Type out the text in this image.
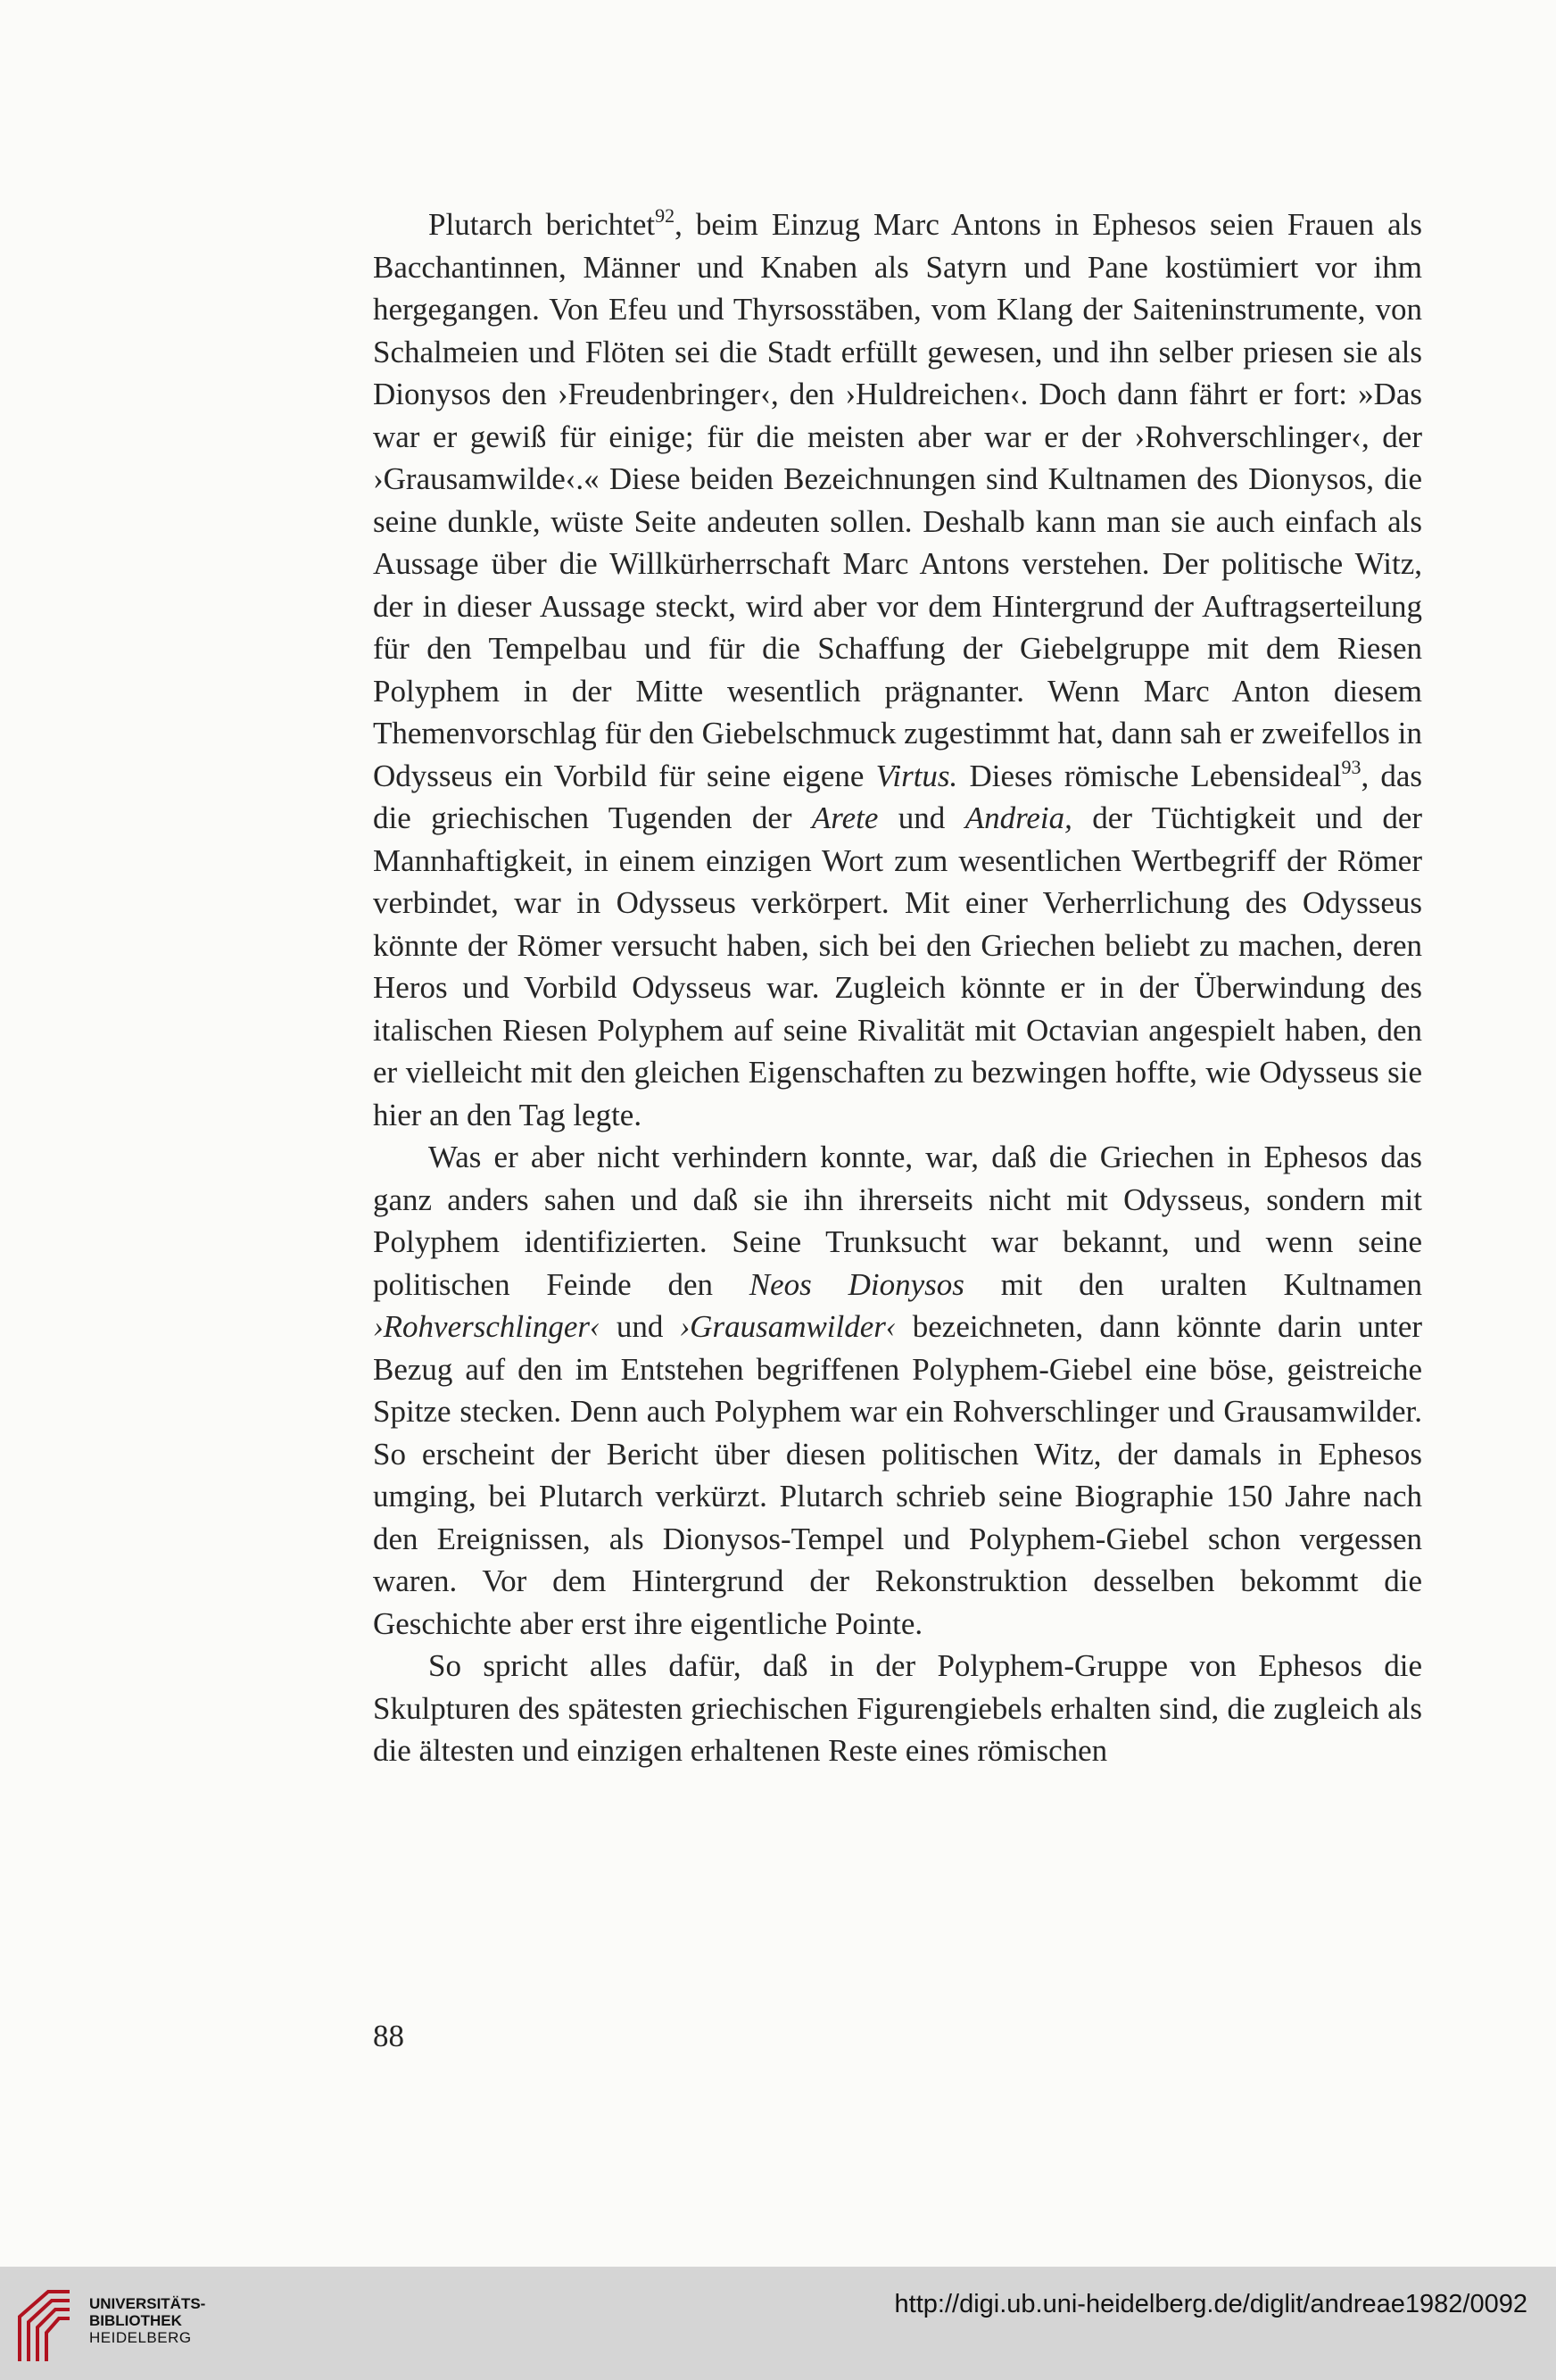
Plutarch berichtet$^{92}$, beim Einzug Marc Antons in Ephesos seien Frauen als Bacchantinnen, Männer und Knaben als Satyrn und Pane kostümiert vor ihm hergegangen. Von Efeu und Thyrsosstäben, vom Klang der Saiteninstrumente, von Schalmeien und Flöten sei die Stadt erfüllt gewesen, und ihn selber priesen sie als Dionysos den ›Freudenbringer‹, den ›Huldreichen‹. Doch dann fährt er fort: »Das war er gewiß für einige; für die meisten aber war er der ›Rohverschlinger‹, der ›Grausamwilde‹.« Diese beiden Bezeichnungen sind Kultnamen des Dionysos, die seine dunkle, wüste Seite andeuten sollen. Deshalb kann man sie auch einfach als Aussage über die Willkürherrschaft Marc Antons verstehen. Der politische Witz, der in dieser Aussage steckt, wird aber vor dem Hintergrund der Auftragserteilung für den Tempelbau und für die Schaffung der Giebelgruppe mit dem Riesen Polyphem in der Mitte wesentlich prägnanter. Wenn Marc Anton diesem Themenvorschlag für den Giebelschmuck zugestimmt hat, dann sah er zweifellos in Odysseus ein Vorbild für seine eigene Virtus. Dieses römische Lebensideal$^{93}$, das die griechischen Tugenden der Arete und Andreia, der Tüchtigkeit und der Mannhaftigkeit, in einem einzigen Wort zum wesentlichen Wertbegriff der Römer verbindet, war in Odysseus verkörpert. Mit einer Verherrlichung des Odysseus könnte der Römer versucht haben, sich bei den Griechen beliebt zu machen, deren Heros und Vorbild Odysseus war. Zugleich könnte er in der Überwindung des italischen Riesen Polyphem auf seine Rivalität mit Octavian angespielt haben, den er vielleicht mit den gleichen Eigenschaften zu bezwingen hoffte, wie Odysseus sie hier an den Tag legte.

Was er aber nicht verhindern konnte, war, daß die Griechen in Ephesos das ganz anders sahen und daß sie ihn ihrerseits nicht mit Odysseus, sondern mit Polyphem identifizierten. Seine Trunksucht war bekannt, und wenn seine politischen Feinde den Neos Dionysos mit den uralten Kultnamen ›Rohverschlinger‹ und ›Grausamwilder‹ bezeichneten, dann könnte darin unter Bezug auf den im Entstehen begriffenen Polyphem-Giebel eine böse, geistreiche Spitze stecken. Denn auch Polyphem war ein Rohverschlinger und Grausamwilder. So erscheint der Bericht über diesen politischen Witz, der damals in Ephesos umging, bei Plutarch verkürzt. Plutarch schrieb seine Biographie 150 Jahre nach den Ereignissen, als Dionysos-Tempel und Polyphem-Giebel schon vergessen waren. Vor dem Hintergrund der Rekonstruktion desselben bekommt die Geschichte aber erst ihre eigentliche Pointe.

So spricht alles dafür, daß in der Polyphem-Gruppe von Ephesos die Skulpturen des spätesten griechischen Figurengiebels erhalten sind, die zugleich als die ältesten und einzigen erhaltenen Reste eines römischen

88
UNIVERSITÄTS-
BIBLIOTHEK
HEIDELBERG
http://digi.ub.uni-heidelberg.de/diglit/andreae1982/0092
